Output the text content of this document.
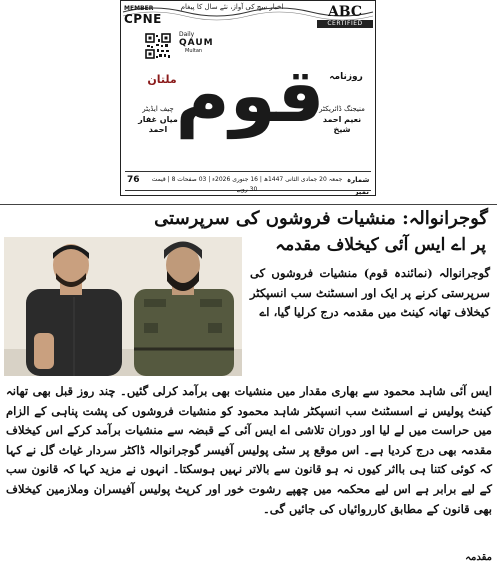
اخبار سچ کی آواز، نئے سال کا پیغام
MEMBER
CPNE	ABC
CERTIFIED
Daily
QAUM
Multan
قوم روزنامہ
ملتان
چیف ایڈیٹر
میاں غفار احمد
منیجنگ ڈائریکٹر
نعیم احمد شیخ
76	جمعہ 20 جمادی الثانی 1447ھ | 16 جنوری 2026ء | 03 صفحات 8 | قیمت 30 روپے
شمارہ نمبر
گوجرانوالہ: منشیات فروشوں کی سرپرستی
پر اے ایس آئی کیخلاف مقدمہ
گوجرانوالہ (نمائندہ قوم) منشیات فروشوں کی سرپرستی کرنے پر ایک اور اسسٹنٹ سب انسپکٹر کیخلاف تھانہ کینٹ میں مقدمہ درج کرلیا گیا، اے
ایس آئی شاہد محمود سے بھاری مقدار میں منشیات بھی برآمد کرلی گئیں۔ چند روز قبل بھی تھانہ کینٹ پولیس نے اسسٹنٹ سب انسپکٹر شاہد محمود کو منشیات فروشوں کی پشت پناہی کے الزام میں حراست میں لے لیا اور دوران تلاشی اے ایس آئی کے قبضہ سے منشیات برآمد کرکے اس کیخلاف مقدمہ بھی درج کردیا ہے۔ اس موقع پر سٹی پولیس آفیسر گوجرانوالہ ڈاکٹر سردار غیاث گل نے کہا کہ کوئی کتنا ہی بااثر کیوں نہ ہو قانون سے بالاتر نہیں ہوسکتا۔ انہوں نے مزید کہا کہ قانون سب کے لیے برابر ہے اس لیے محکمہ میں چھپے رشوت خور اور کرپٹ پولیس آفیسران وملازمین کیخلاف بھی قانون کے مطابق کارروائیاں کی جائیں گی۔
مقدمہ
